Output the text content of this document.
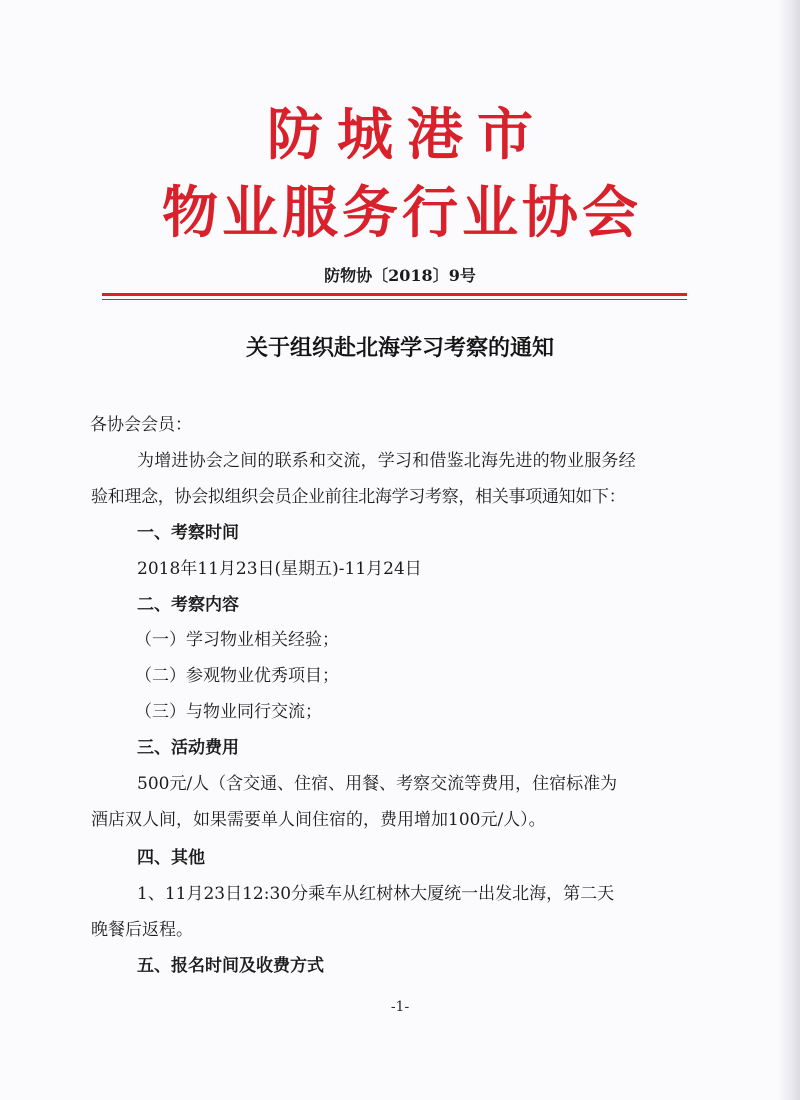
防城港市
物业服务行业协会
防物协〔2018〕9号
关于组织赴北海学习考察的通知
各协会会员：
为增进协会之间的联系和交流，学习和借鉴北海先进的物业服务经
验和理念，协会拟组织会员企业前往北海学习考察，相关事项通知如下：
一、考察时间
2018年11月23日(星期五)-11月24日
二、考察内容
（一）学习物业相关经验；
（二）参观物业优秀项目；
（三）与物业同行交流；
三、活动费用
500元/人（含交通、住宿、用餐、考察交流等费用，住宿标准为
酒店双人间，如果需要单人间住宿的，费用增加100元/人）。
四、其他
1、11月23日12:30分乘车从红树林大厦统一出发北海，第二天
晚餐后返程。
五、报名时间及收费方式
-1-
